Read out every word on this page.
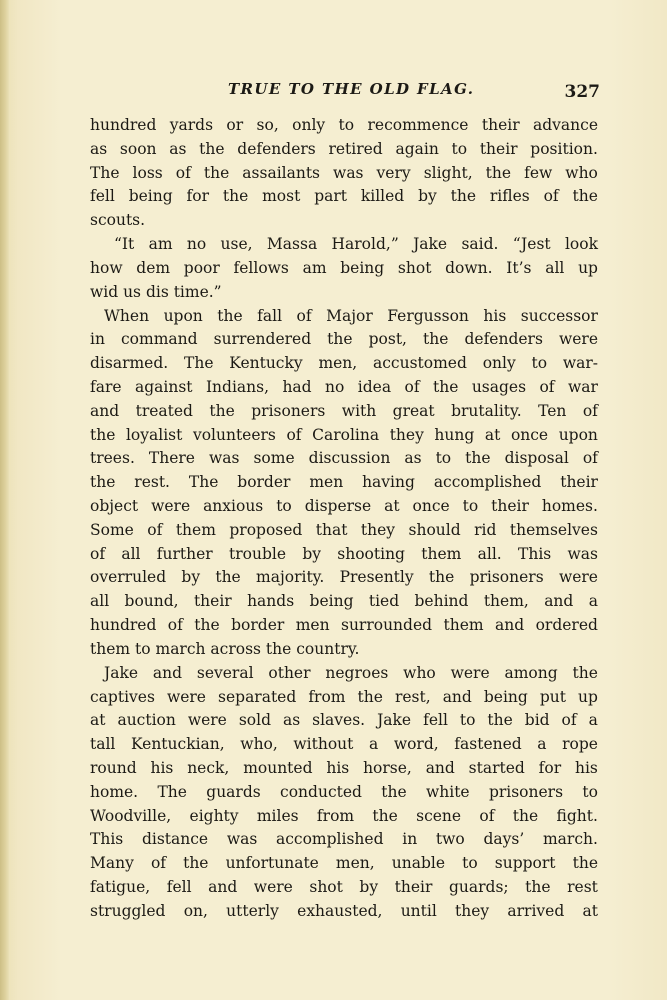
TRUE TO THE OLD FLAG.	327
hundred yards or so, only to recommence their advance
as soon as the defenders retired again to their position.
The loss of the assailants was very slight, the few who
fell being for the most part killed by the rifles of the
scouts.
“It am no use, Massa Harold,” Jake said. “Jest look
how dem poor fellows am being shot down. It’s all up
wid us dis time.”
When upon the fall of Major Fergusson his successor
in command surrendered the post, the defenders were
disarmed. The Kentucky men, accustomed only to war-
fare against Indians, had no idea of the usages of war
and treated the prisoners with great brutality. Ten of
the loyalist volunteers of Carolina they hung at once upon
trees. There was some discussion as to the disposal of
the rest. The border men having accomplished their
object were anxious to disperse at once to their homes.
Some of them proposed that they should rid themselves
of all further trouble by shooting them all. This was
overruled by the majority. Presently the prisoners were
all bound, their hands being tied behind them, and a
hundred of the border men surrounded them and ordered
them to march across the country.
Jake and several other negroes who were among the
captives were separated from the rest, and being put up
at auction were sold as slaves. Jake fell to the bid of a
tall Kentuckian, who, without a word, fastened a rope
round his neck, mounted his horse, and started for his
home. The guards conducted the white prisoners to
Woodville, eighty miles from the scene of the fight.
This distance was accomplished in two days’ march.
Many of the unfortunate men, unable to support the
fatigue, fell and were shot by their guards; the rest
struggled on, utterly exhausted, until they arrived at
